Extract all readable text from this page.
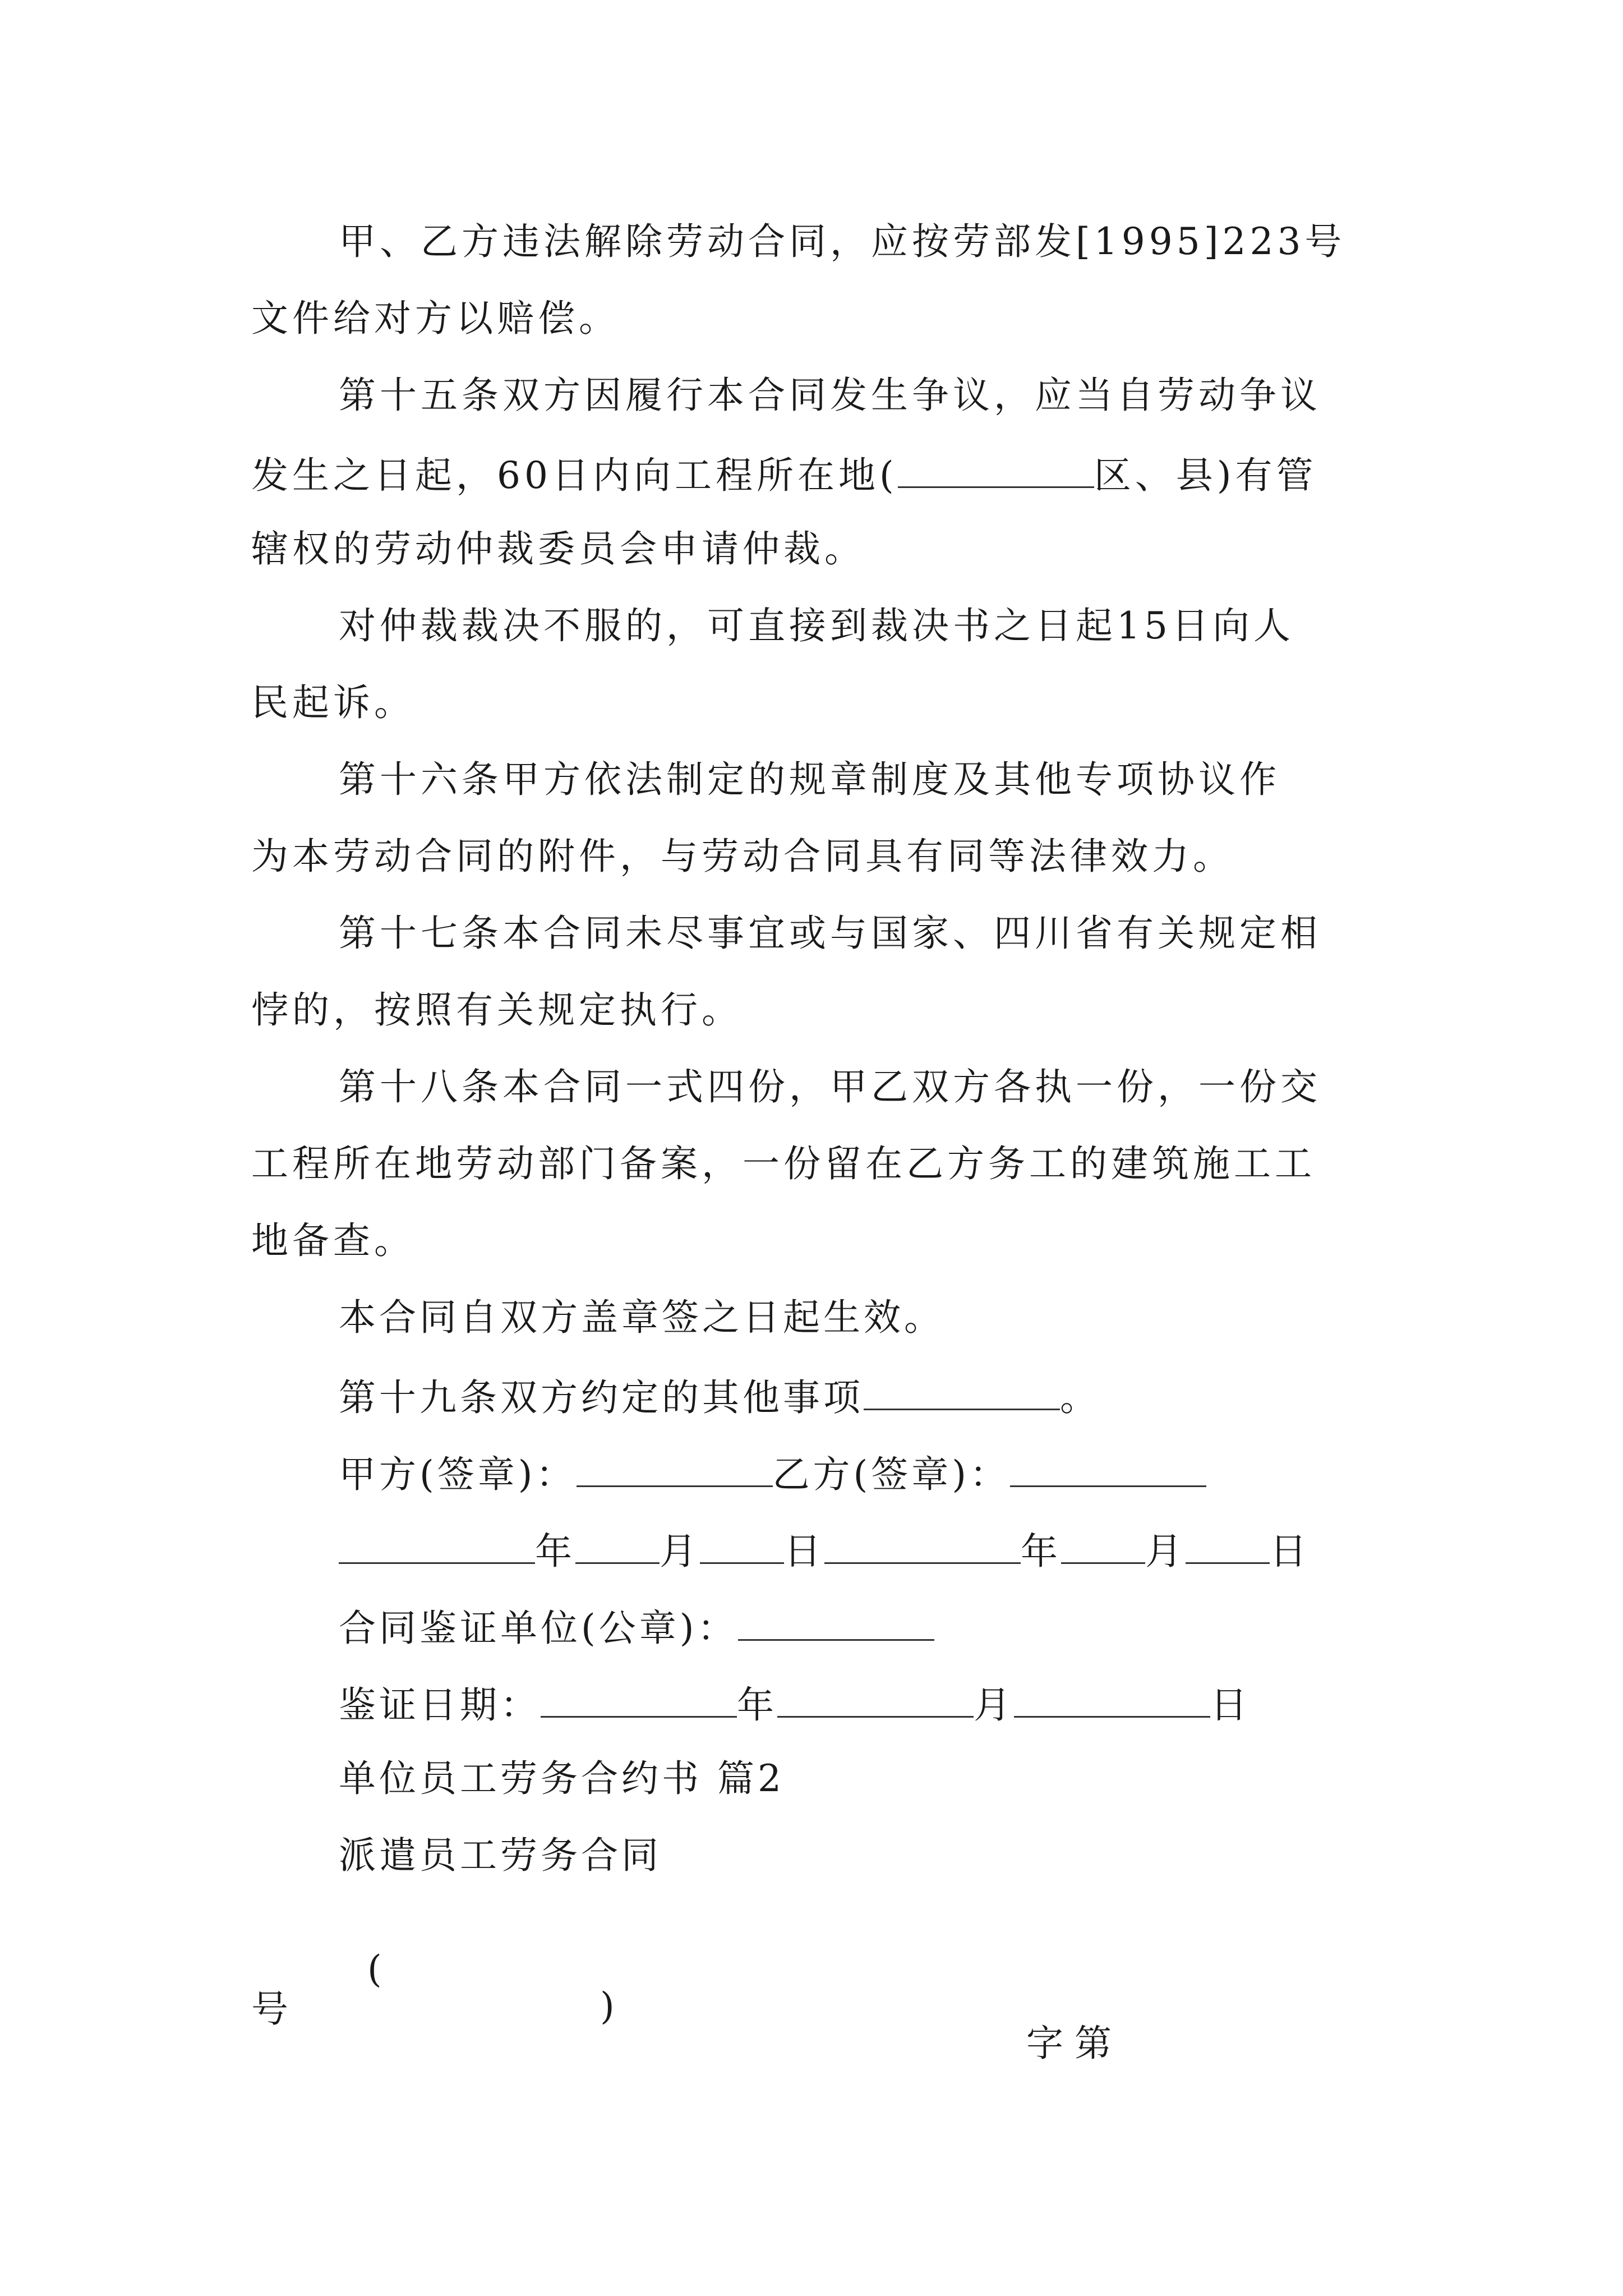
甲、乙方违法解除劳动合同，应按劳部发[1995]223号
文件给对方以赔偿。
第十五条双方因履行本合同发生争议，应当自劳动争议
发生之日起，60日内向工程所在地(	区、县)有管
辖权的劳动仲裁委员会申请仲裁。
对仲裁裁决不服的，可直接到裁决书之日起15日向人
民起诉。
第十六条甲方依法制定的规章制度及其他专项协议作
为本劳动合同的附件，与劳动合同具有同等法律效力。
第十七条本合同未尽事宜或与国家、四川省有关规定相
悖的，按照有关规定执行。
第十八条本合同一式四份，甲乙双方各执一份，一份交
工程所在地劳动部门备案，一份留在乙方务工的建筑施工工
地备查。
本合同自双方盖章签之日起生效。
第十九条双方约定的其他事项	。
甲方(签章)：	乙方(签章)：
年 月 日	年 月 日
合同鉴证单位(公章)：
鉴证日期：	年	月	日
单位员工劳务合约书 篇2
派遣员工劳务合同

(

)

字第

号
